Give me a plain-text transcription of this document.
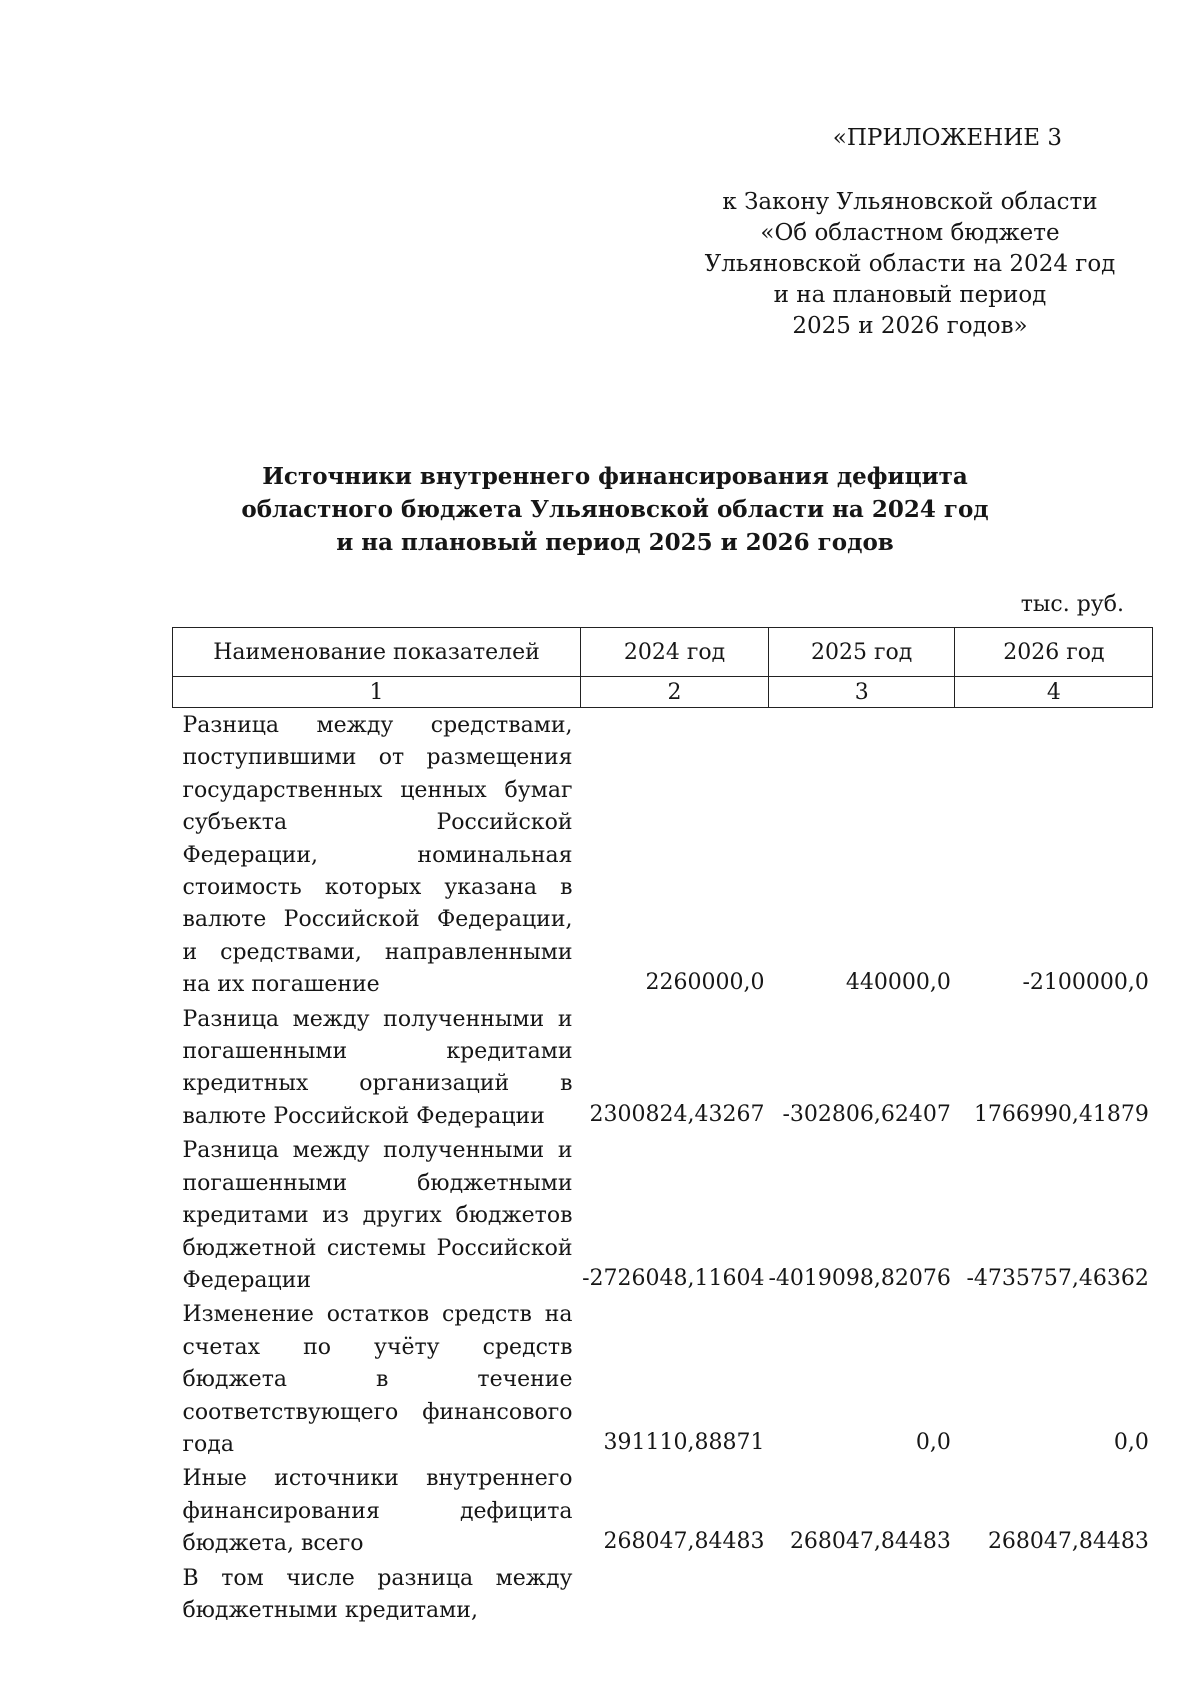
«ПРИЛОЖЕНИЕ 3
к Закону Ульяновской области
«Об областном бюджете
Ульяновской области на 2024 год
и на плановый период
2025 и 2026 годов»
Источники внутреннего финансирования дефицита
областного бюджета Ульяновской области на 2024 год
и на плановый период 2025 и 2026 годов
тыс. руб.
Наименование показателей	2024 год	2025 год	2026 год
1	2	3	4
Разница между средствами, поступившими от размещения государственных ценных бумаг субъекта Российской Федерации, номинальная стоимость которых указана в валюте Российской Федерации, и средствами, направленными на их погашение	2260000,0	440000,0	-2100000,0
Разница между полученными и погашенными кредитами кредитных организаций в валюте Российской Федерации	2300824,43267	-302806,62407	1766990,41879
Разница между полученными и погашенными бюджетными кредитами из других бюджетов бюджетной системы Российской Федерации	-2726048,11604	-4019098,82076	-4735757,46362
Изменение остатков средств на счетах по учёту средств бюджета в течение соответствующего финансового года	391110,88871	0,0	0,0
Иные источники внутреннего финансирования дефицита бюджета, всего	268047,84483	268047,84483	268047,84483
В том числе разница между бюджетными кредитами,			
